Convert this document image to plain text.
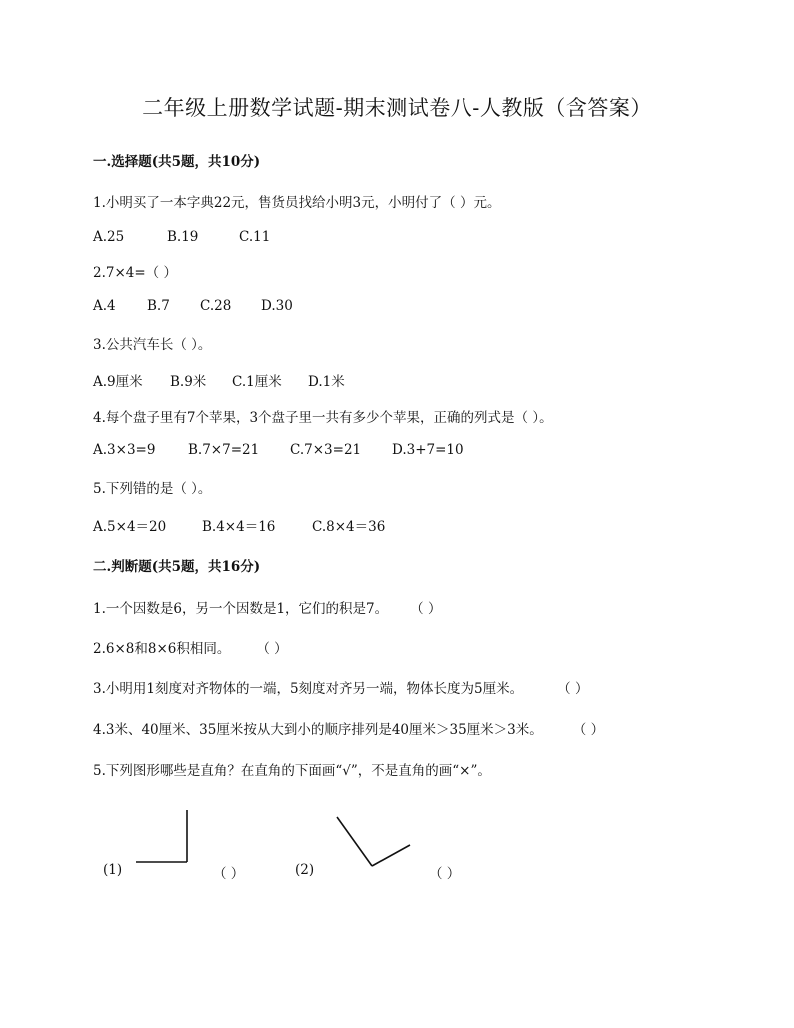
二年级上册数学试题-期末测试卷八-人教版（含答案）
一.选择题(共5题，共10分)
1.小明买了一本字典22元，售货员找给小明3元，小明付了（ ）元。
A.25	B.19	C.11
2.7×4=（ ）
A.4 B.7 C.28 D.30
3.公共汽车长（ ）。
A.9厘米 B.9米 C.1厘米 D.1米
4.每个盘子里有7个苹果，3个盘子里一共有多少个苹果，正确的列式是（ ）。
A.3×3=9 B.7×7=21 C.7×3=21 D.3+7=10
5.下列错的是（ ）。
A.5×4＝20	B.4×4＝16	C.8×4＝36
二.判断题(共5题，共16分)
1.一个因数是6，另一个因数是1，它们的积是7。 （ ）
2.6×8和8×6积相同。 （ ）
3.小明用1刻度对齐物体的一端，5刻度对齐另一端，物体长度为5厘米。	（ ）
4.3米、40厘米、35厘米按从大到小的顺序排列是40厘米＞35厘米＞3米。 （ ）
5.下列图形哪些是直角？在直角的下面画“√”，不是直角的画“×”。
(1)	（ ）	(2)	（ ）
